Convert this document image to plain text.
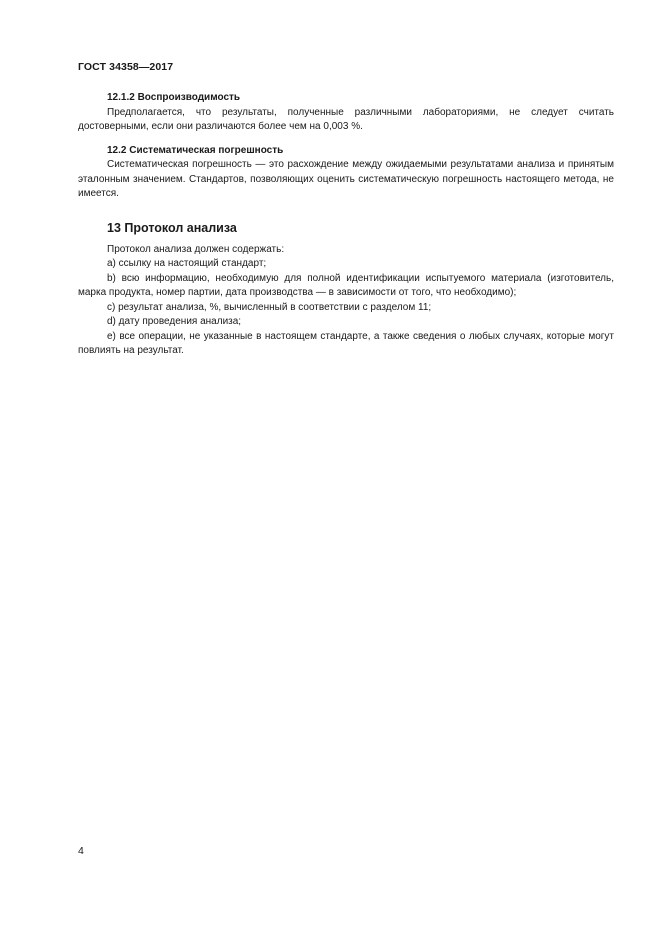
ГОСТ 34358—2017

12.1.2 Воспроизводимость

Предполагается, что результаты, полученные различными лабораториями, не следует считать достоверными, если они различаются более чем на 0,003 %.

12.2 Систематическая погрешность

Систематическая погрешность — это расхождение между ожидаемыми результатами анализа и принятым эталонным значением. Стандартов, позволяющих оценить систематическую погрешность настоящего метода, не имеется.

13 Протокол анализа

Протокол анализа должен содержать:

a) ссылку на настоящий стандарт;

b) всю информацию, необходимую для полной идентификации испытуемого материала (изготовитель, марка продукта, номер партии, дата производства — в зависимости от того, что необходимо);

c) результат анализа, %, вычисленный в соответствии с разделом 11;

d) дату проведения анализа;

e) все операции, не указанные в настоящем стандарте, а также сведения о любых случаях, которые могут повлиять на результат.

4
